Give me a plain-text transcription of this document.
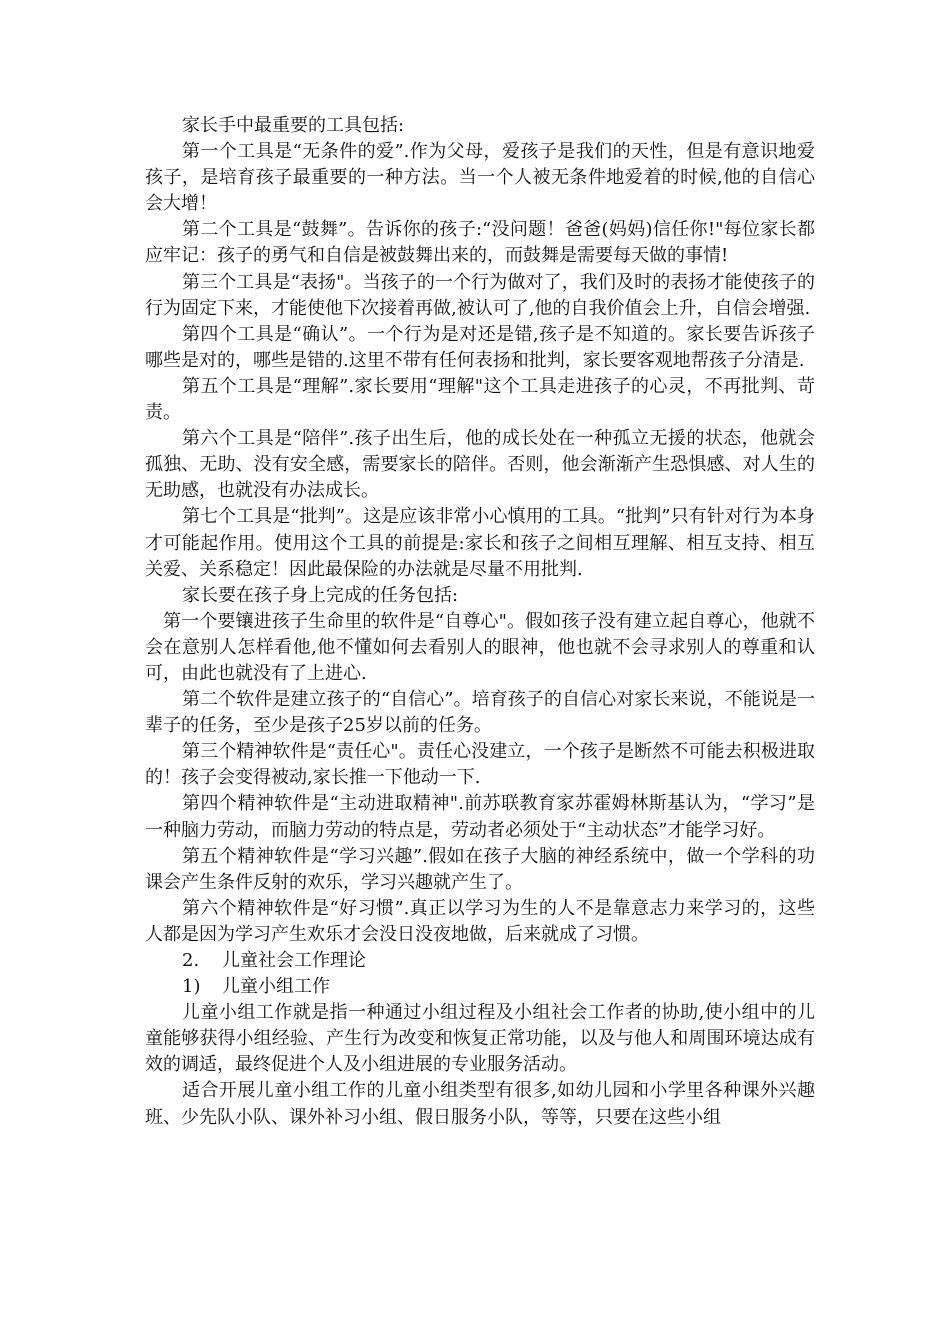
家长手中最重要的工具包括:

第一个工具是“无条件的爱”.作为父母，爱孩子是我们的天性，但是有意识地爱孩子，是培育孩子最重要的一种方法。当一个人被无条件地爱着的时候,他的自信心会大增！

第二个工具是“鼓舞”。告诉你的孩子:“没问题！爸爸(妈妈)信任你!"每位家长都应牢记：孩子的勇气和自信是被鼓舞出来的，而鼓舞是需要每天做的事情!

第三个工具是“表扬"。当孩子的一个行为做对了，我们及时的表扬才能使孩子的行为固定下来，才能使他下次接着再做,被认可了,他的自我价值会上升，自信会增强.

第四个工具是“确认”。一个行为是对还是错,孩子是不知道的。家长要告诉孩子哪些是对的，哪些是错的.这里不带有任何表扬和批判，家长要客观地帮孩子分清是.

第五个工具是“理解”.家长要用“理解"这个工具走进孩子的心灵，不再批判、苛责。

第六个工具是“陪伴”.孩子出生后，他的成长处在一种孤立无援的状态，他就会孤独、无助、没有安全感，需要家长的陪伴。否则，他会渐渐产生恐惧感、对人生的无助感，也就没有办法成长。

第七个工具是“批判”。这是应该非常小心慎用的工具。“批判”只有针对行为本身才可能起作用。使用这个工具的前提是:家长和孩子之间相互理解、相互支持、相互关爱、关系稳定！因此最保险的办法就是尽量不用批判.

家长要在孩子身上完成的任务包括:

第一个要镶进孩子生命里的软件是“自尊心"。假如孩子没有建立起自尊心，他就不会在意别人怎样看他,他不懂如何去看别人的眼神，他也就不会寻求别人的尊重和认可，由此也就没有了上进心.

第二个软件是建立孩子的“自信心”。培育孩子的自信心对家长来说，不能说是一辈子的任务，至少是孩子25岁以前的任务。

第三个精神软件是“责任心"。责任心没建立，一个孩子是断然不可能去积极进取的！孩子会变得被动,家长推一下他动一下.

第四个精神软件是“主动进取精神".前苏联教育家苏霍姆林斯基认为，“学习”是一种脑力劳动，而脑力劳动的特点是，劳动者必须处于“主动状态”才能学习好。

第五个精神软件是“学习兴趣”.假如在孩子大脑的神经系统中，做一个学科的功课会产生条件反射的欢乐，学习兴趣就产生了。

第六个精神软件是“好习惯”.真正以学习为生的人不是靠意志力来学习的，这些人都是因为学习产生欢乐才会没日没夜地做，后来就成了习惯。

2. 儿童社会工作理论

1) 儿童小组工作

儿童小组工作就是指一种通过小组过程及小组社会工作者的协助,使小组中的儿童能够获得小组经验、产生行为改变和恢复正常功能，以及与他人和周围环境达成有效的调适，最终促进个人及小组进展的专业服务活动。

适合开展儿童小组工作的儿童小组类型有很多,如幼儿园和小学里各种课外兴趣班、少先队小队、课外补习小组、假日服务小队，等等，只要在这些小组
